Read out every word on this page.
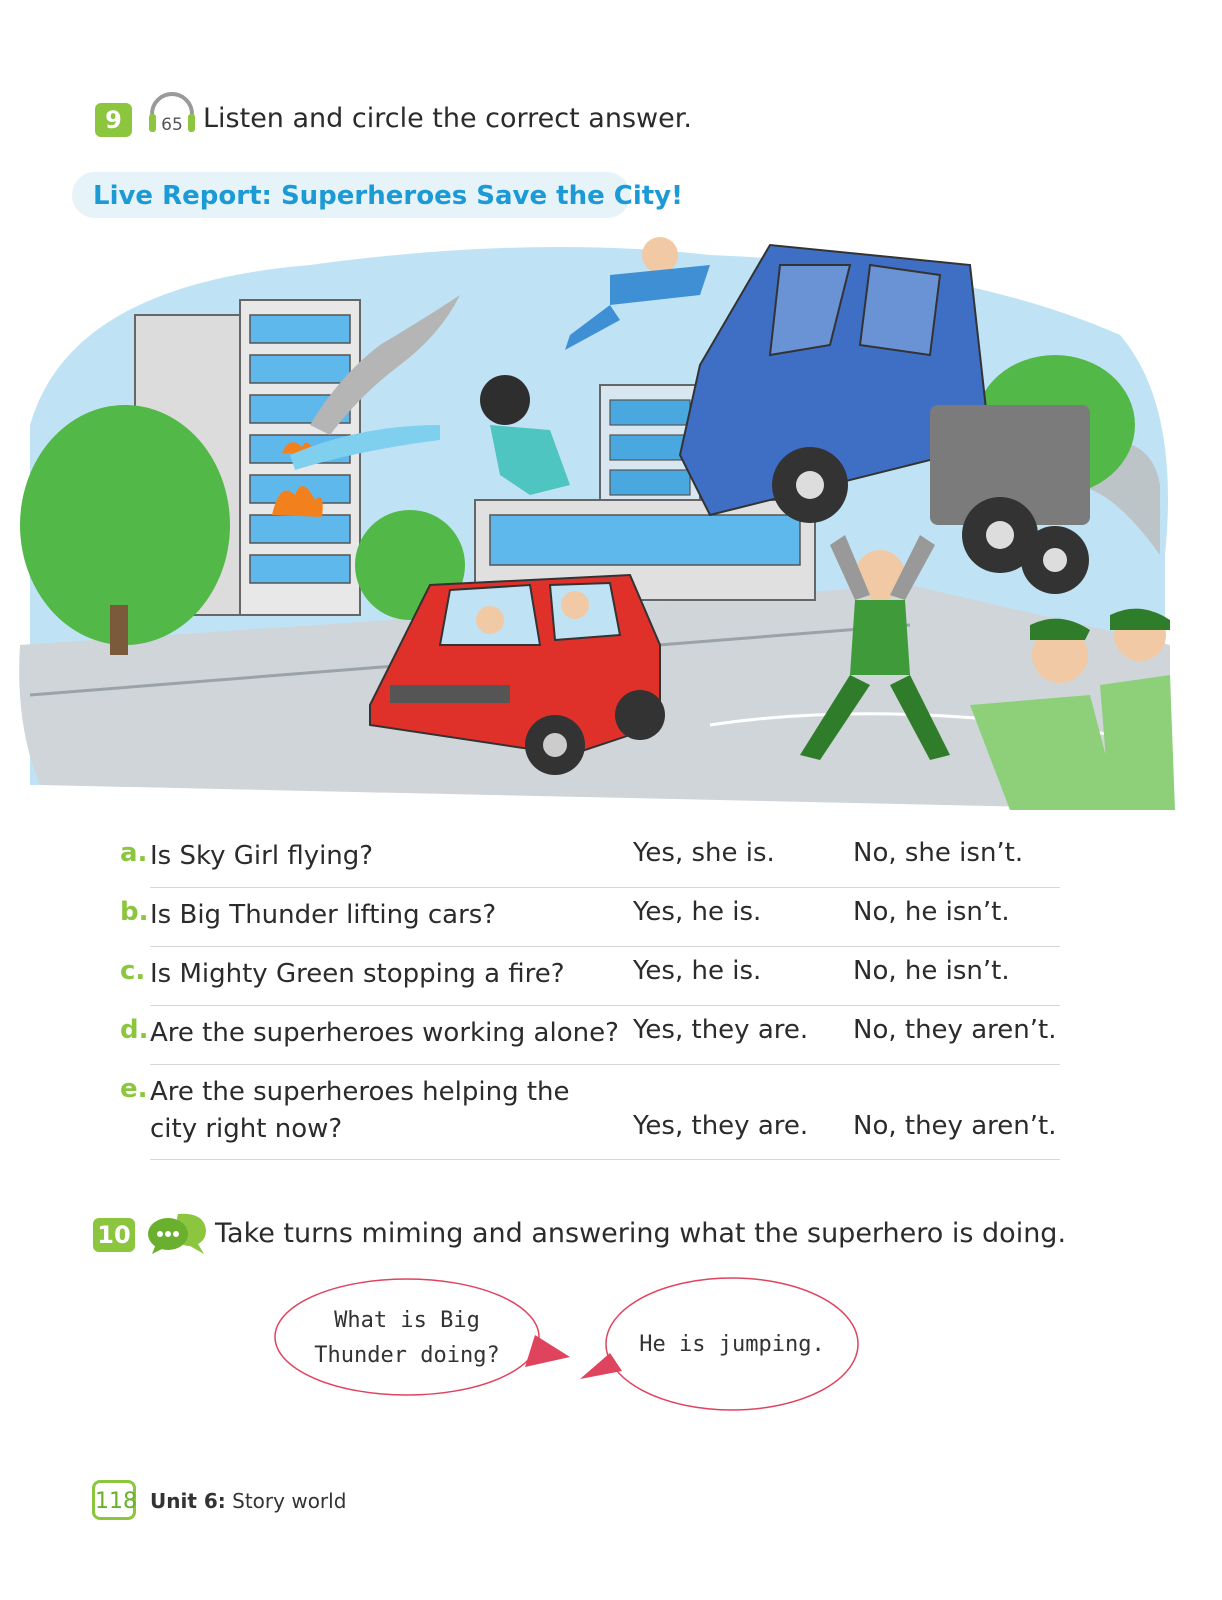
9	65 Listen and circle the correct answer.
Live Report: Superheroes Save the City!
a. Is Sky Girl flying?	Yes, she is.	No, she isn’t.
b. Is Big Thunder lifting cars?	Yes, he is.	No, he isn’t.
c. Is Mighty Green stopping a fire?	Yes, he is.	No, he isn’t.
d. Are the superheroes working alone? Yes, they are. No, they aren’t.
e. Are the superheroes helping the
city right now?	Yes, they are. No, they aren’t.
10	Take turns miming and answering what the superhero is doing.
What is Big
Thunder doing?	He is jumping.
118 Unit 6: Story world
